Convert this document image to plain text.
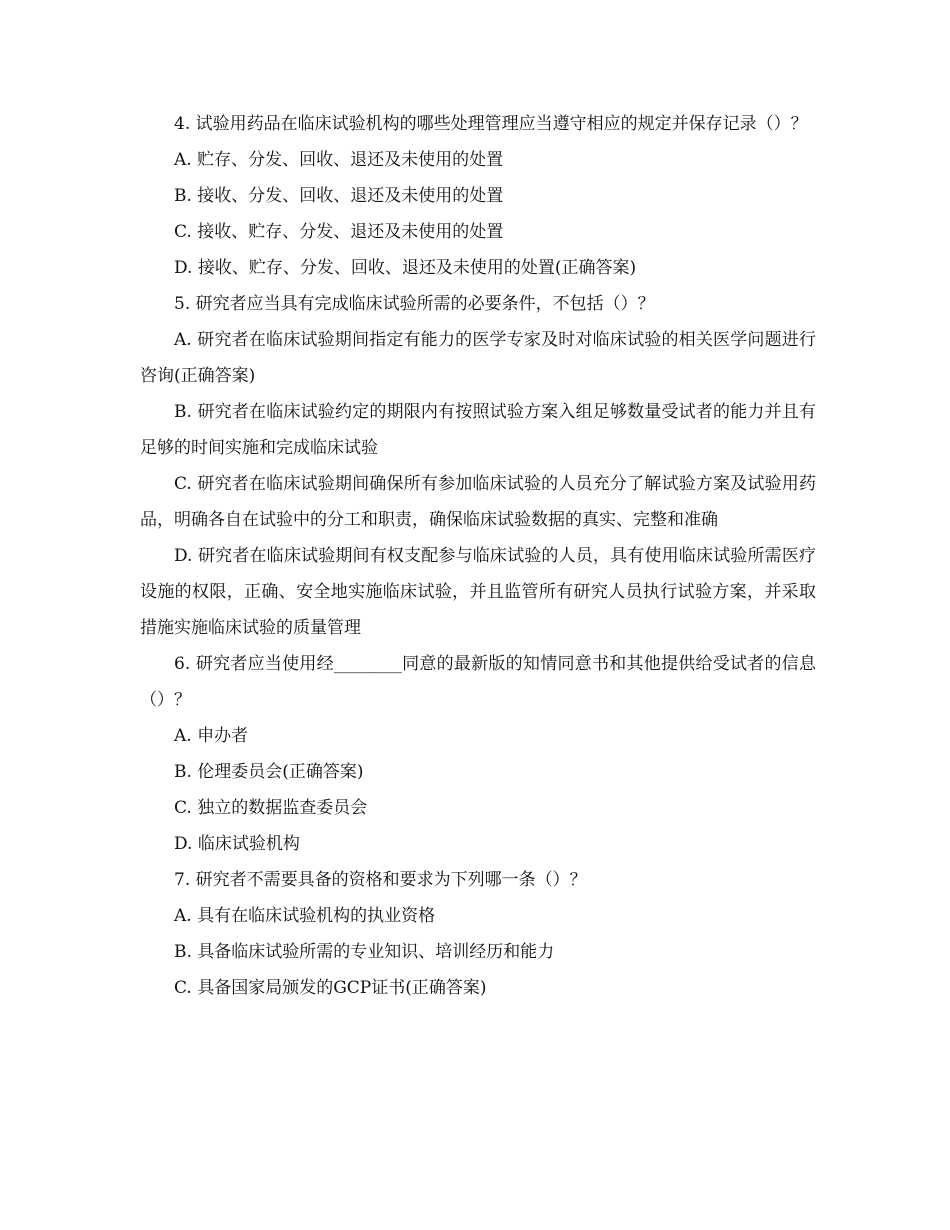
4. 试验用药品在临床试验机构的哪些处理管理应当遵守相应的规定并保存记录（）？

A. 贮存、分发、回收、退还及未使用的处置

B. 接收、分发、回收、退还及未使用的处置

C. 接收、贮存、分发、退还及未使用的处置

D. 接收、贮存、分发、回收、退还及未使用的处置(正确答案)

5. 研究者应当具有完成临床试验所需的必要条件，不包括（）？

A. 研究者在临床试验期间指定有能力的医学专家及时对临床试验的相关医学问题进行咨询(正确答案)

B. 研究者在临床试验约定的期限内有按照试验方案入组足够数量受试者的能力并且有足够的时间实施和完成临床试验

C. 研究者在临床试验期间确保所有参加临床试验的人员充分了解试验方案及试验用药品，明确各自在试验中的分工和职责，确保临床试验数据的真实、完整和准确

D. 研究者在临床试验期间有权支配参与临床试验的人员，具有使用临床试验所需医疗设施的权限，正确、安全地实施临床试验，并且监管所有研究人员执行试验方案，并采取措施实施临床试验的质量管理

6. 研究者应当使用经________同意的最新版的知情同意书和其他提供给受试者的信息（）？

A. 申办者

B. 伦理委员会(正确答案)

C. 独立的数据监查委员会

D. 临床试验机构

7. 研究者不需要具备的资格和要求为下列哪一条（）？

A. 具有在临床试验机构的执业资格

B. 具备临床试验所需的专业知识、培训经历和能力

C. 具备国家局颁发的GCP证书(正确答案)
